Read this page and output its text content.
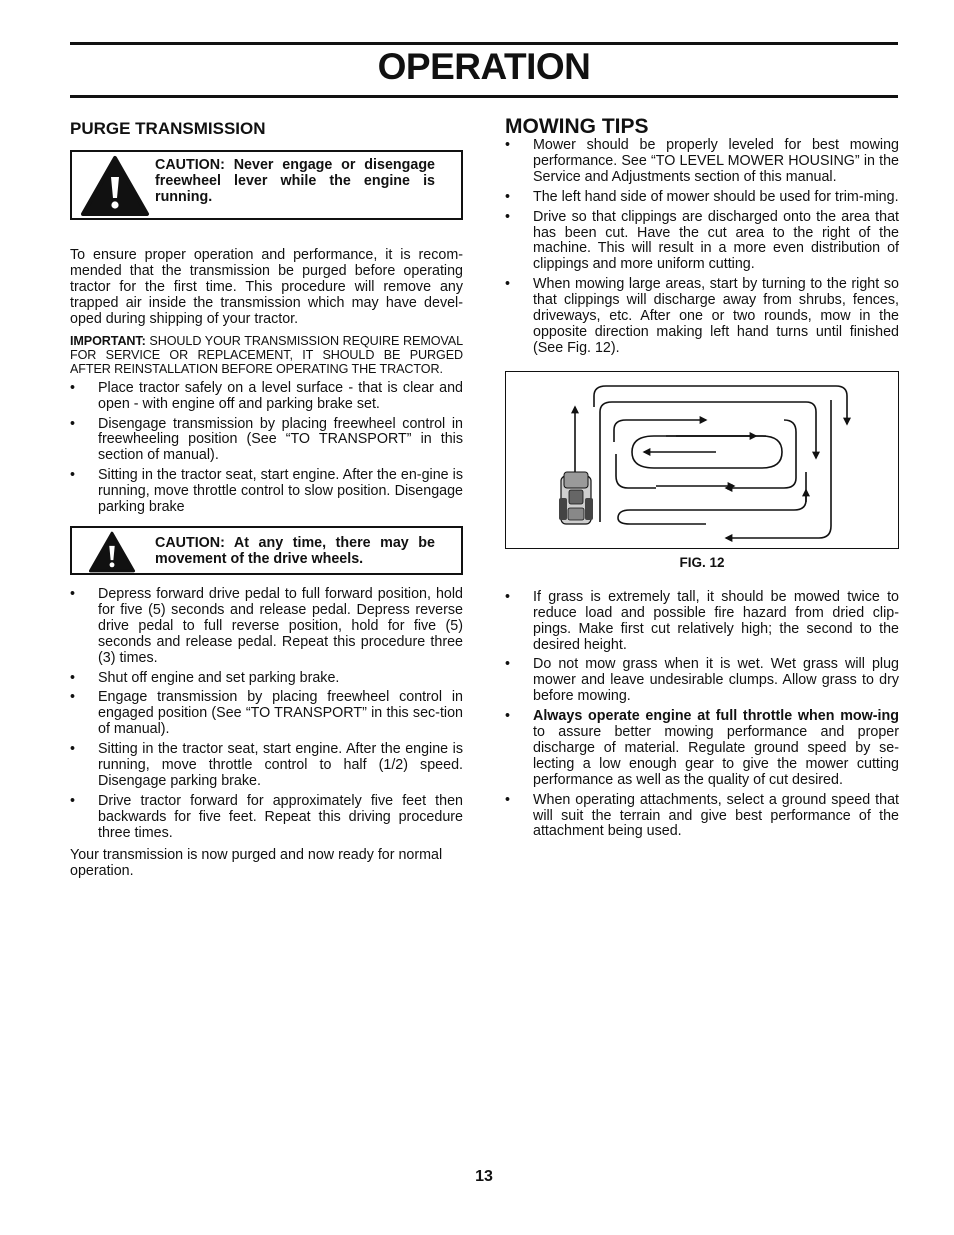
OPERATION
PURGE TRANSMISSION
CAUTION: Never engage or disengage freewheel lever while the engine is running.

To ensure proper operation and performance, it is recom-mended that the transmission be purged before operating tractor for the first time. This procedure will remove any trapped air inside the transmission which may have devel-oped during shipping of your tractor.

IMPORTANT: SHOULD YOUR TRANSMISSION REQUIRE REMOVAL FOR SERVICE OR REPLACEMENT, IT SHOULD BE PURGED AFTER REINSTALLATION BEFORE OPERATING THE TRACTOR.

•	Place tractor safely on a level surface - that is clear and open - with engine off and parking brake set.
•	Disengage transmission by placing freewheel control in freewheeling position (See “TO TRANSPORT” in this section of manual).
•	Sitting in the tractor seat, start engine. After the en-gine is running, move throttle control to slow position. Disengage parking brake
CAUTION: At any time, there may be movement of the drive wheels.
•	Depress forward drive pedal to full forward position, hold for five (5) seconds and release pedal. Depress reverse drive pedal to full reverse position, hold for five (5) seconds and release pedal. Repeat this procedure three (3) times.
•	Shut off engine and set parking brake.
•	Engage transmission by placing freewheel control in engaged position (See “TO TRANSPORT” in this sec-tion of manual).
•	Sitting in the tractor seat, start engine. After the engine is running, move throttle control to half (1/2) speed. Disengage parking brake.
•	Drive tractor forward for approximately five feet then backwards for five feet. Repeat this driving procedure three times.

Your transmission is now purged and now ready for normal operation.

MOWING TIPS
•	Mower should be properly leveled for best mowing performance. See “TO LEVEL MOWER HOUSING” in the Service and Adjustments section of this manual.
•	The left hand side of mower should be used for trim-ming.
•	Drive so that clippings are discharged onto the area that has been cut. Have the cut area to the right of the machine. This will result in a more even distribution of clippings and more uniform cutting.
•	When mowing large areas, start by turning to the right so that clippings will discharge away from shrubs, fences, driveways, etc. After one or two rounds, mow in the opposite direction making left hand turns until finished (See Fig. 12).
FIG. 12
•	If grass is extremely tall, it should be mowed twice to reduce load and possible fire hazard from dried clip-pings. Make first cut relatively high; the second to the desired height.
•	Do not mow grass when it is wet. Wet grass will plug mower and leave undesirable clumps. Allow grass to dry before mowing.
•	Always operate engine at full throttle when mow-ing to assure better mowing performance and proper discharge of material. Regulate ground speed by se-lecting a low enough gear to give the mower cutting performance as well as the quality of cut desired.
•	When operating attachments, select a ground speed that will suit the terrain and give best performance of the attachment being used.
13
